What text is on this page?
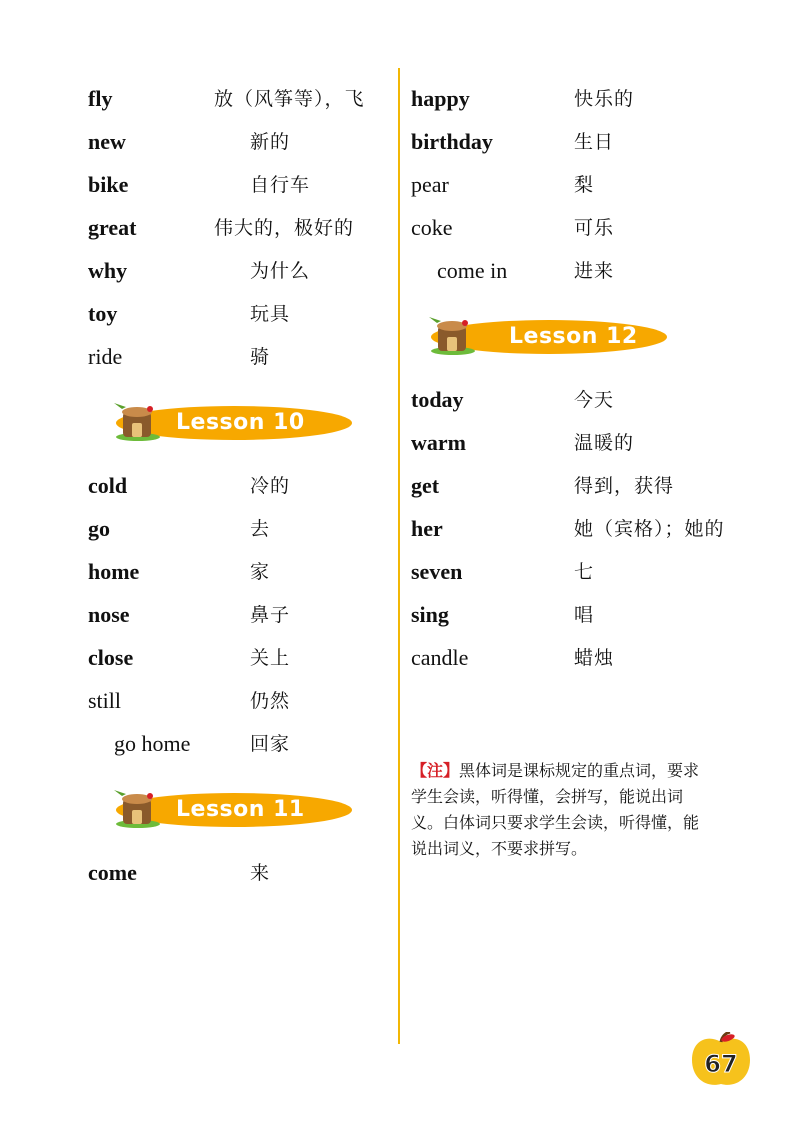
fly	放（风筝等），飞
new	新的
bike	自行车
great	伟大的，极好的
why	为什么
toy	玩具
ride	骑
Lesson 10
cold	冷的
go	去
home	家
nose	鼻子
close	关上
still	仍然
go home	回家
Lesson 11
come	来
happy	快乐的
birthday	生日
pear	梨
coke	可乐
come in	进来
Lesson 12
today	今天
warm	温暖的
get	得到，获得
her	她（宾格）；她的
seven	七
sing	唱
candle	蜡烛
【注】黑体词是课标规定的重点词，要求学生会读，听得懂，会拼写，能说出词义。白体词只要求学生会读，听得懂，能说出词义，不要求拼写。
67
